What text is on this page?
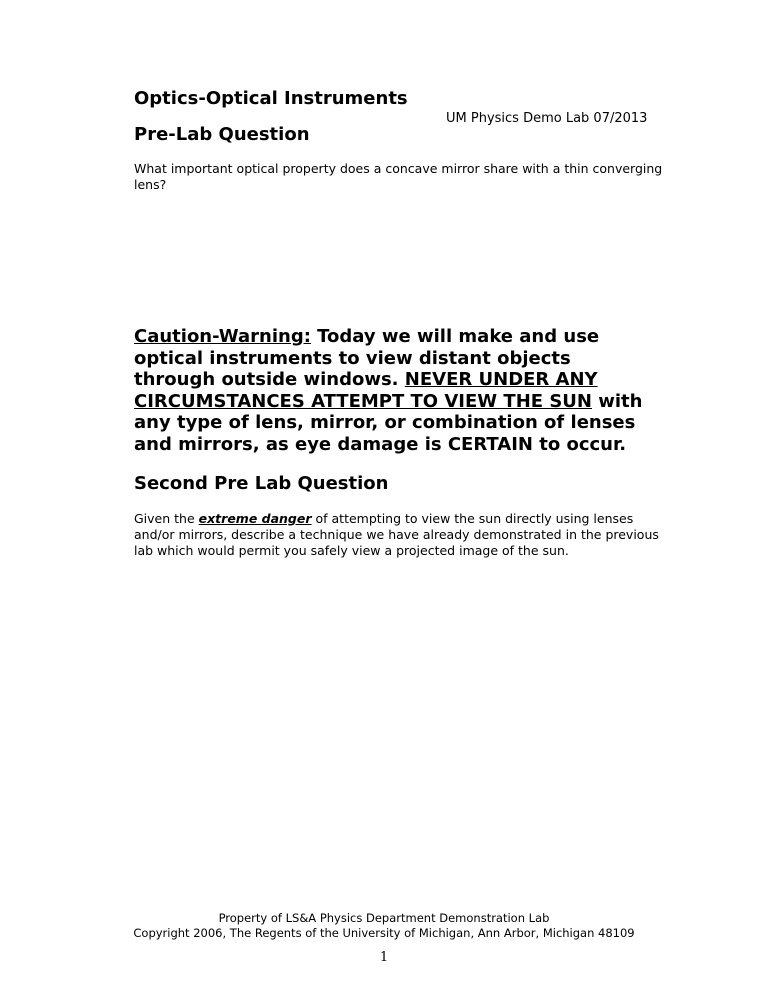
Optics-Optical Instruments

UM Physics Demo Lab 07/2013

Pre-Lab Question

What important optical property does a concave mirror share with a thin converging lens?

Caution-Warning: Today we will make and use optical instruments to view distant objects through outside windows. NEVER UNDER ANY CIRCUMSTANCES ATTEMPT TO VIEW THE SUN with any type of lens, mirror, or combination of lenses and mirrors, as eye damage is CERTAIN to occur.

Second Pre Lab Question

Given the extreme danger of attempting to view the sun directly using lenses and/or mirrors, describe a technique we have already demonstrated in the previous lab which would permit you safely view a projected image of the sun.

Property of LS&A Physics Department Demonstration Lab

Copyright 2006, The Regents of the University of Michigan, Ann Arbor, Michigan 48109

1
